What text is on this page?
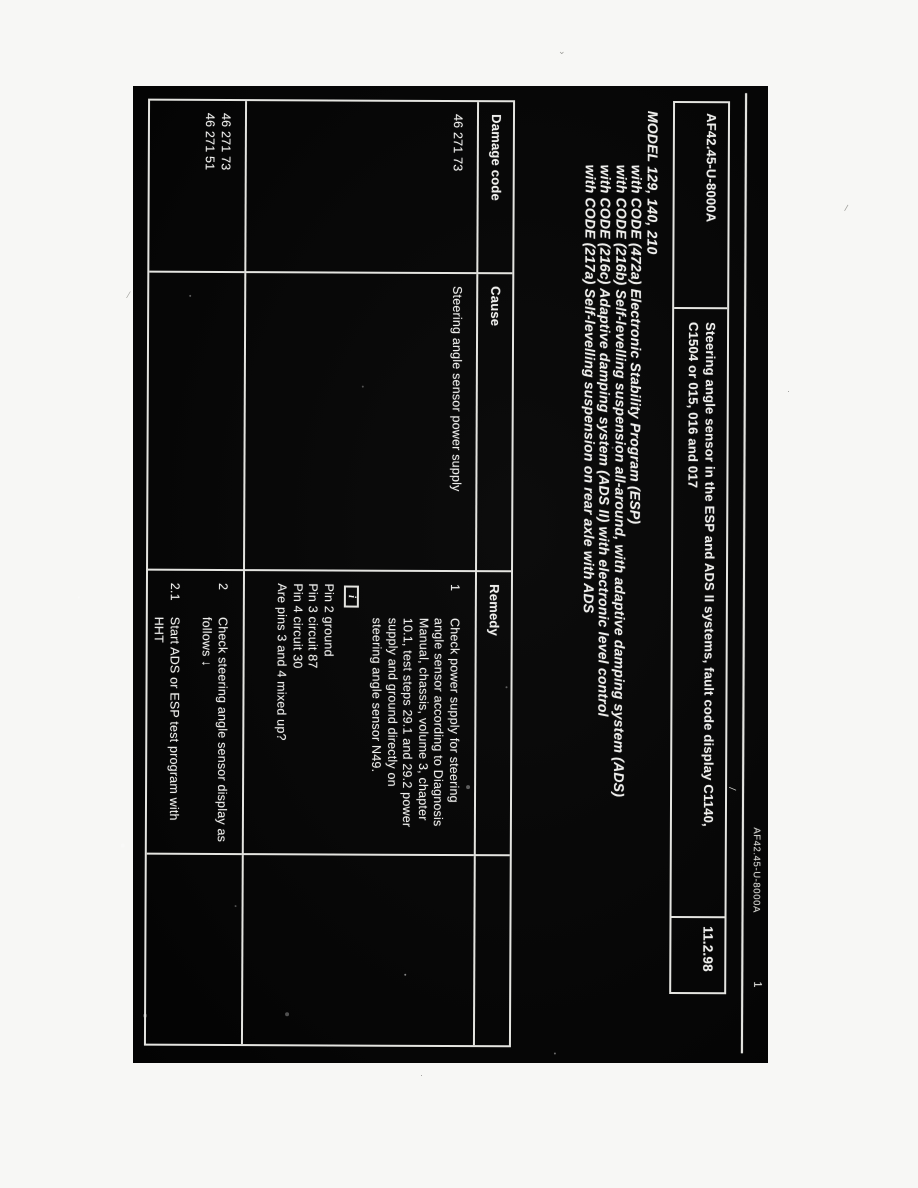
⌄
/
·
·
⁄
/
AF42.45-U-8000A
1
AF42.45-U-8000A
Steering angle sensor in the ESP and ADS II systems, fault code display C1140,
C1504 or 015, 016 and 017
11.2.98
MODEL 129, 140, 210
with CODE (472a) Electronic Stability Program (ESP)
with CODE (216b) Self-levelling suspension all-around, with adaptive damping system (ADS)
with CODE (216c) Adaptive damping system (ADS II) with electronic level control
with CODE (217a) Self-levelling suspension on rear axle with ADS
Damage code
Cause
Remedy
46 271 73
Steering angle sensor power supply
1
Check power supply for steering
angle sensor according to Diagnosis
Manual, chassis, volume 3, chapter
10.1, test steps 29.1 and 29.2 power
supply and ground directly on
steering angle sensor N49.
i
Pin 2 ground
Pin 3 circuit 87
Pin 4 circuit 30
Are pins 3 and 4 mixed up?
46 271 73
46 271 51
2
Check steering angle sensor display as
follows ↓
2.1
Start ADS or ESP test program with
HHT
